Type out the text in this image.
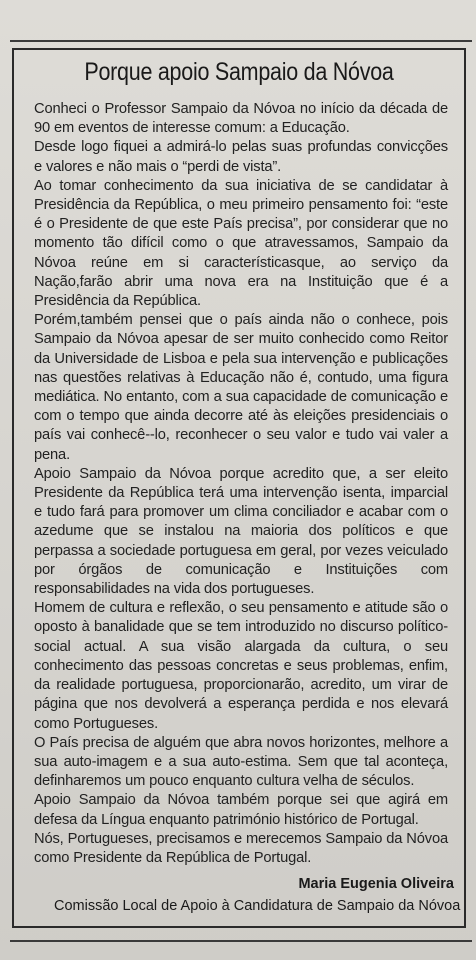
Porque apoio Sampaio da Nóvoa

Conheci o Professor Sampaio da Nóvoa no início da década de 90 em eventos de interesse comum: a Educação.

Desde logo fiquei a admirá-lo pelas suas profundas convicções e valores e não mais o “perdi de vista”.

Ao tomar conhecimento da sua iniciativa de se candidatar à Presidência da República, o meu primeiro pensamento foi: “este é o Presidente de que este País precisa”, por considerar que no momento tão difícil como o que atravessamos, Sampaio da Nóvoa reúne em si característicasque, ao serviço da Nação,farão abrir uma nova era na Instituição que é a Presidência da República.

Porém,também pensei que o país ainda não o conhece, pois Sampaio da Nóvoa apesar de ser muito conhecido como Reitor da Universidade de Lisboa e pela sua intervenção e publicações nas questões relativas à Educação não é, contudo, uma figura mediática. No entanto, com a sua capacidade de comunicação e com o tempo que ainda decorre até às eleições presidenciais o país vai conhecê--lo, reconhecer o seu valor e tudo vai valer a pena.

Apoio Sampaio da Nóvoa porque acredito que, a ser eleito Presidente da República terá uma intervenção isenta, imparcial e tudo fará para promover um clima conciliador e acabar com o azedume que se instalou na maioria dos políticos e que perpassa a sociedade portuguesa em geral, por vezes veiculado por órgãos de comunicação e Instituições com responsabilidades na vida dos portugueses.

Homem de cultura e reflexão, o seu pensamento e atitude são o oposto à banalidade que se tem introduzido no discurso político-social actual. A sua visão alargada da cultura, o seu conhecimento das pessoas concretas e seus problemas, enfim, da realidade portuguesa, proporcionarão, acredito, um virar de página que nos devolverá a esperança perdida e nos elevará como Portugueses.

O País precisa de alguém que abra novos horizontes, melhore a sua auto-imagem e a sua auto-estima. Sem que tal aconteça, definharemos um pouco enquanto cultura velha de séculos.

Apoio Sampaio da Nóvoa também porque sei que agirá em defesa da Língua enquanto património histórico de Portugal.

Nós, Portugueses, precisamos e merecemos Sampaio da Nóvoa como Presidente da República de Portugal.

Maria Eugenia Oliveira
Comissão Local de Apoio à Candidatura de Sampaio da Nóvoa
